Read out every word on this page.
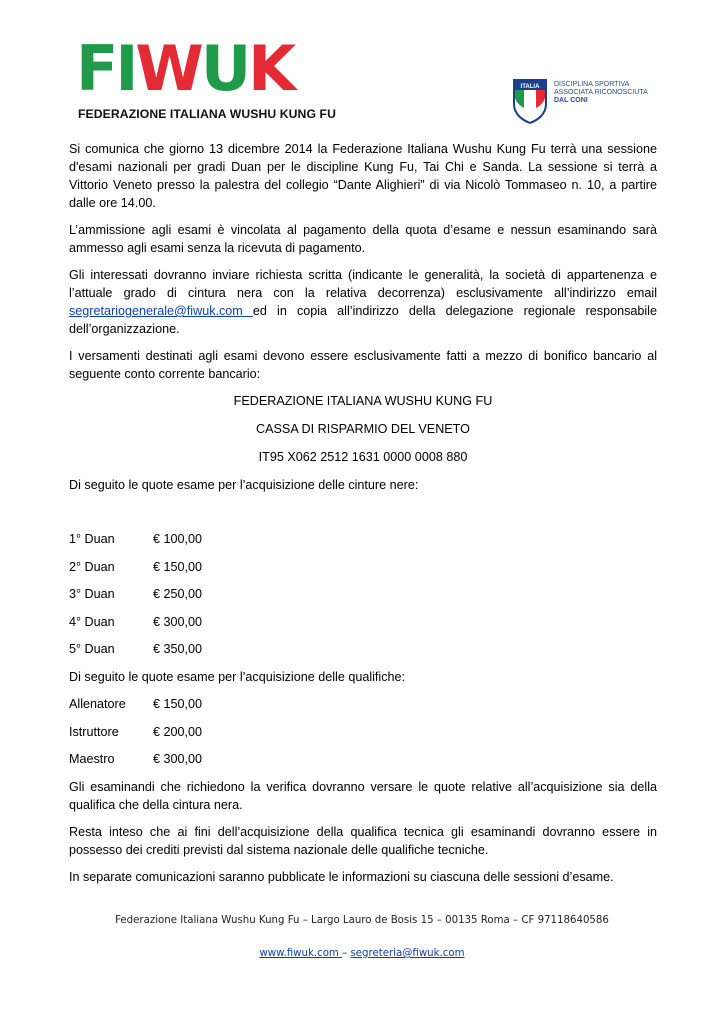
FIWUK
FEDERAZIONE ITALIANA WUSHU KUNG FU
ITALIA DISCIPLINA SPORTIVA
ASSOCIATA RICONOSCIUTA
DAL CONI

Si comunica che giorno 13 dicembre 2014 la Federazione Italiana Wushu Kung Fu terrà una sessione d'esami nazionali per gradi Duan per le discipline Kung Fu, Tai Chi e Sanda. La sessione si terrà a Vittorio Veneto presso la palestra del collegio “Dante Alighieri” di via Nicolò Tommaseo n. 10, a partire dalle ore 14.00.

L’ammissione agli esami è vincolata al pagamento della quota d’esame e nessun esaminando sarà ammesso agli esami senza la ricevuta di pagamento.

Gli interessati dovranno inviare richiesta scritta (indicante le generalità, la società di appartenenza e l’attuale grado di cintura nera con la relativa decorrenza) esclusivamente all’indirizzo email segretariogenerale@fiwuk.com ed in copia all’indirizzo della delegazione regionale responsabile dell’organizzazione.

I versamenti destinati agli esami devono essere esclusivamente fatti a mezzo di bonifico bancario al seguente conto corrente bancario:

FEDERAZIONE ITALIANA WUSHU KUNG FU

CASSA DI RISPARMIO DEL VENETO

IT95 X062 2512 1631 0000 0008 880

Di seguito le quote esame per l’acquisizione delle cinture nere:

1° Duan	€ 100,00
2° Duan	€ 150,00
3° Duan	€ 250,00
4° Duan	€ 300,00
5° Duan	€ 350,00

Di seguito le quote esame per l’acquisizione delle qualifiche:

Allenatore	€ 150,00
Istruttore	€ 200,00
Maestro	€ 300,00

Gli esaminandi che richiedono la verifica dovranno versare le quote relative all’acquisizione sia della qualifica che della cintura nera.

Resta inteso che ai fini dell’acquisizione della qualifica tecnica gli esaminandi dovranno essere in possesso dei crediti previsti dal sistema nazionale delle qualifiche tecniche.

In separate comunicazioni saranno pubblicate le informazioni su ciascuna delle sessioni d’esame.

Federazione Italiana Wushu Kung Fu – Largo Lauro de Bosis 15 – 00135 Roma – CF 97118640586
www.fiwuk.com – segreteria@fiwuk.com
